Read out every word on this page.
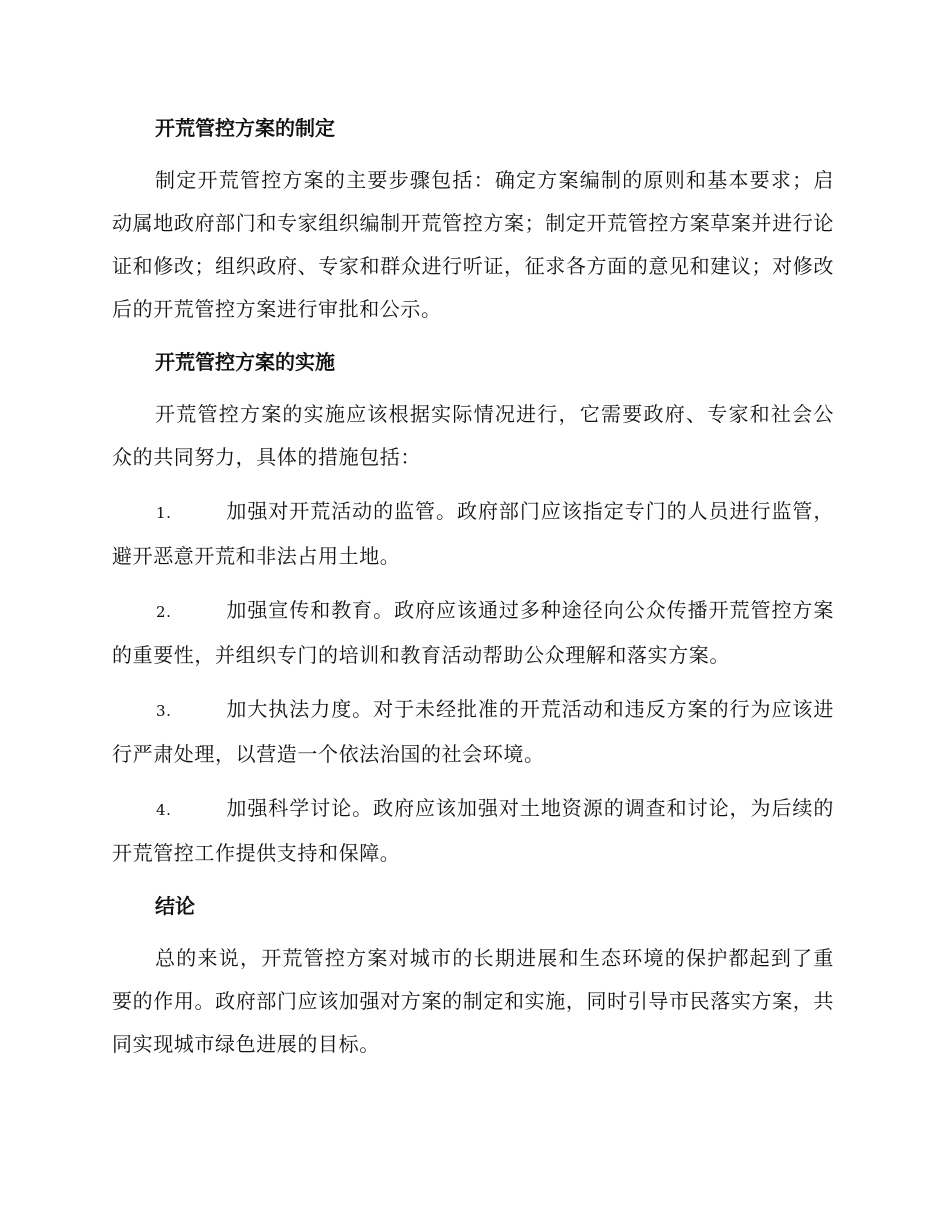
开荒管控方案的制定
制定开荒管控方案的主要步骤包括：确定方案编制的原则和基本要求；启动属地政府部门和专家组织编制开荒管控方案；制定开荒管控方案草案并进行论证和修改；组织政府、专家和群众进行听证，征求各方面的意见和建议；对修改后的开荒管控方案进行审批和公示。
开荒管控方案的实施
开荒管控方案的实施应该根据实际情况进行，它需要政府、专家和社会公众的共同努力，具体的措施包括：
1.	加强对开荒活动的监管。政府部门应该指定专门的人员进行监管，避开恶意开荒和非法占用土地。
2.	加强宣传和教育。政府应该通过多种途径向公众传播开荒管控方案的重要性，并组织专门的培训和教育活动帮助公众理解和落实方案。
3.	加大执法力度。对于未经批准的开荒活动和违反方案的行为应该进行严肃处理，以营造一个依法治国的社会环境。
4.	加强科学讨论。政府应该加强对土地资源的调查和讨论，为后续的开荒管控工作提供支持和保障。
结论
总的来说，开荒管控方案对城市的长期进展和生态环境的保护都起到了重要的作用。政府部门应该加强对方案的制定和实施，同时引导市民落实方案，共同实现城市绿色进展的目标。
